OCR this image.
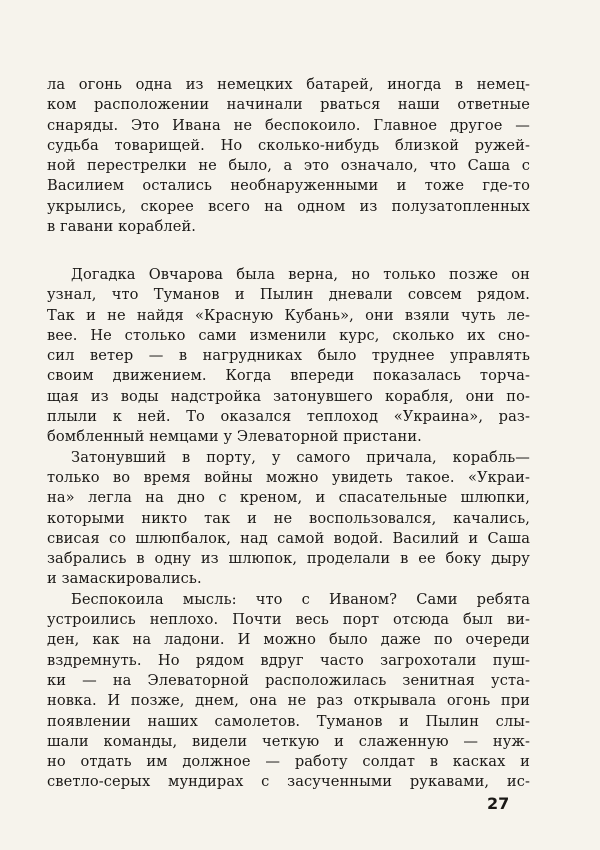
ла огонь одна из немецких батарей, иногда в немец-
ком расположении начинали рваться наши ответные
снаряды. Это Ивана не беспокоило. Главное другое —
судьба товарищей. Но сколько-нибудь близкой ружей-
ной перестрелки не было, а это означало, что Саша с
Василием остались необнаруженными и тоже где-то
укрылись, скорее всего на одном из полузатопленных
в гавани кораблей.
Догадка Овчарова была верна, но только позже он
узнал, что Туманов и Пылин дневали совсем рядом.
Так и не найдя «Красную Кубань», они взяли чуть ле-
вее. Не столько сами изменили курс, сколько их сно-
сил ветер — в нагрудниках было труднее управлять
своим движением. Когда впереди показалась торча-
щая из воды надстройка затонувшего корабля, они по-
плыли к ней. То оказался теплоход «Украина», раз-
бомбленный немцами у Элеваторной пристани.
Затонувший в порту, у самого причала, корабль—
только во время войны можно увидеть такое. «Украи-
на» легла на дно с креном, и спасательные шлюпки,
которыми никто так и не воспользовался, качались,
свисая со шлюпбалок, над самой водой. Василий и Саша
забрались в одну из шлюпок, проделали в ее боку дыру
и замаскировались.
Беспокоила мысль: что с Иваном? Сами ребята
устроились неплохо. Почти весь порт отсюда был ви-
ден, как на ладони. И можно было даже по очереди
вздремнуть. Но рядом вдруг часто загрохотали пуш-
ки — на Элеваторной расположилась зенитная уста-
новка. И позже, днем, она не раз открывала огонь при
появлении наших самолетов. Туманов и Пылин слы-
шали команды, видели четкую и слаженную — нуж-
но отдать им должное — работу солдат в касках и
светло-серых мундирах с засученными рукавами, ис-
27
